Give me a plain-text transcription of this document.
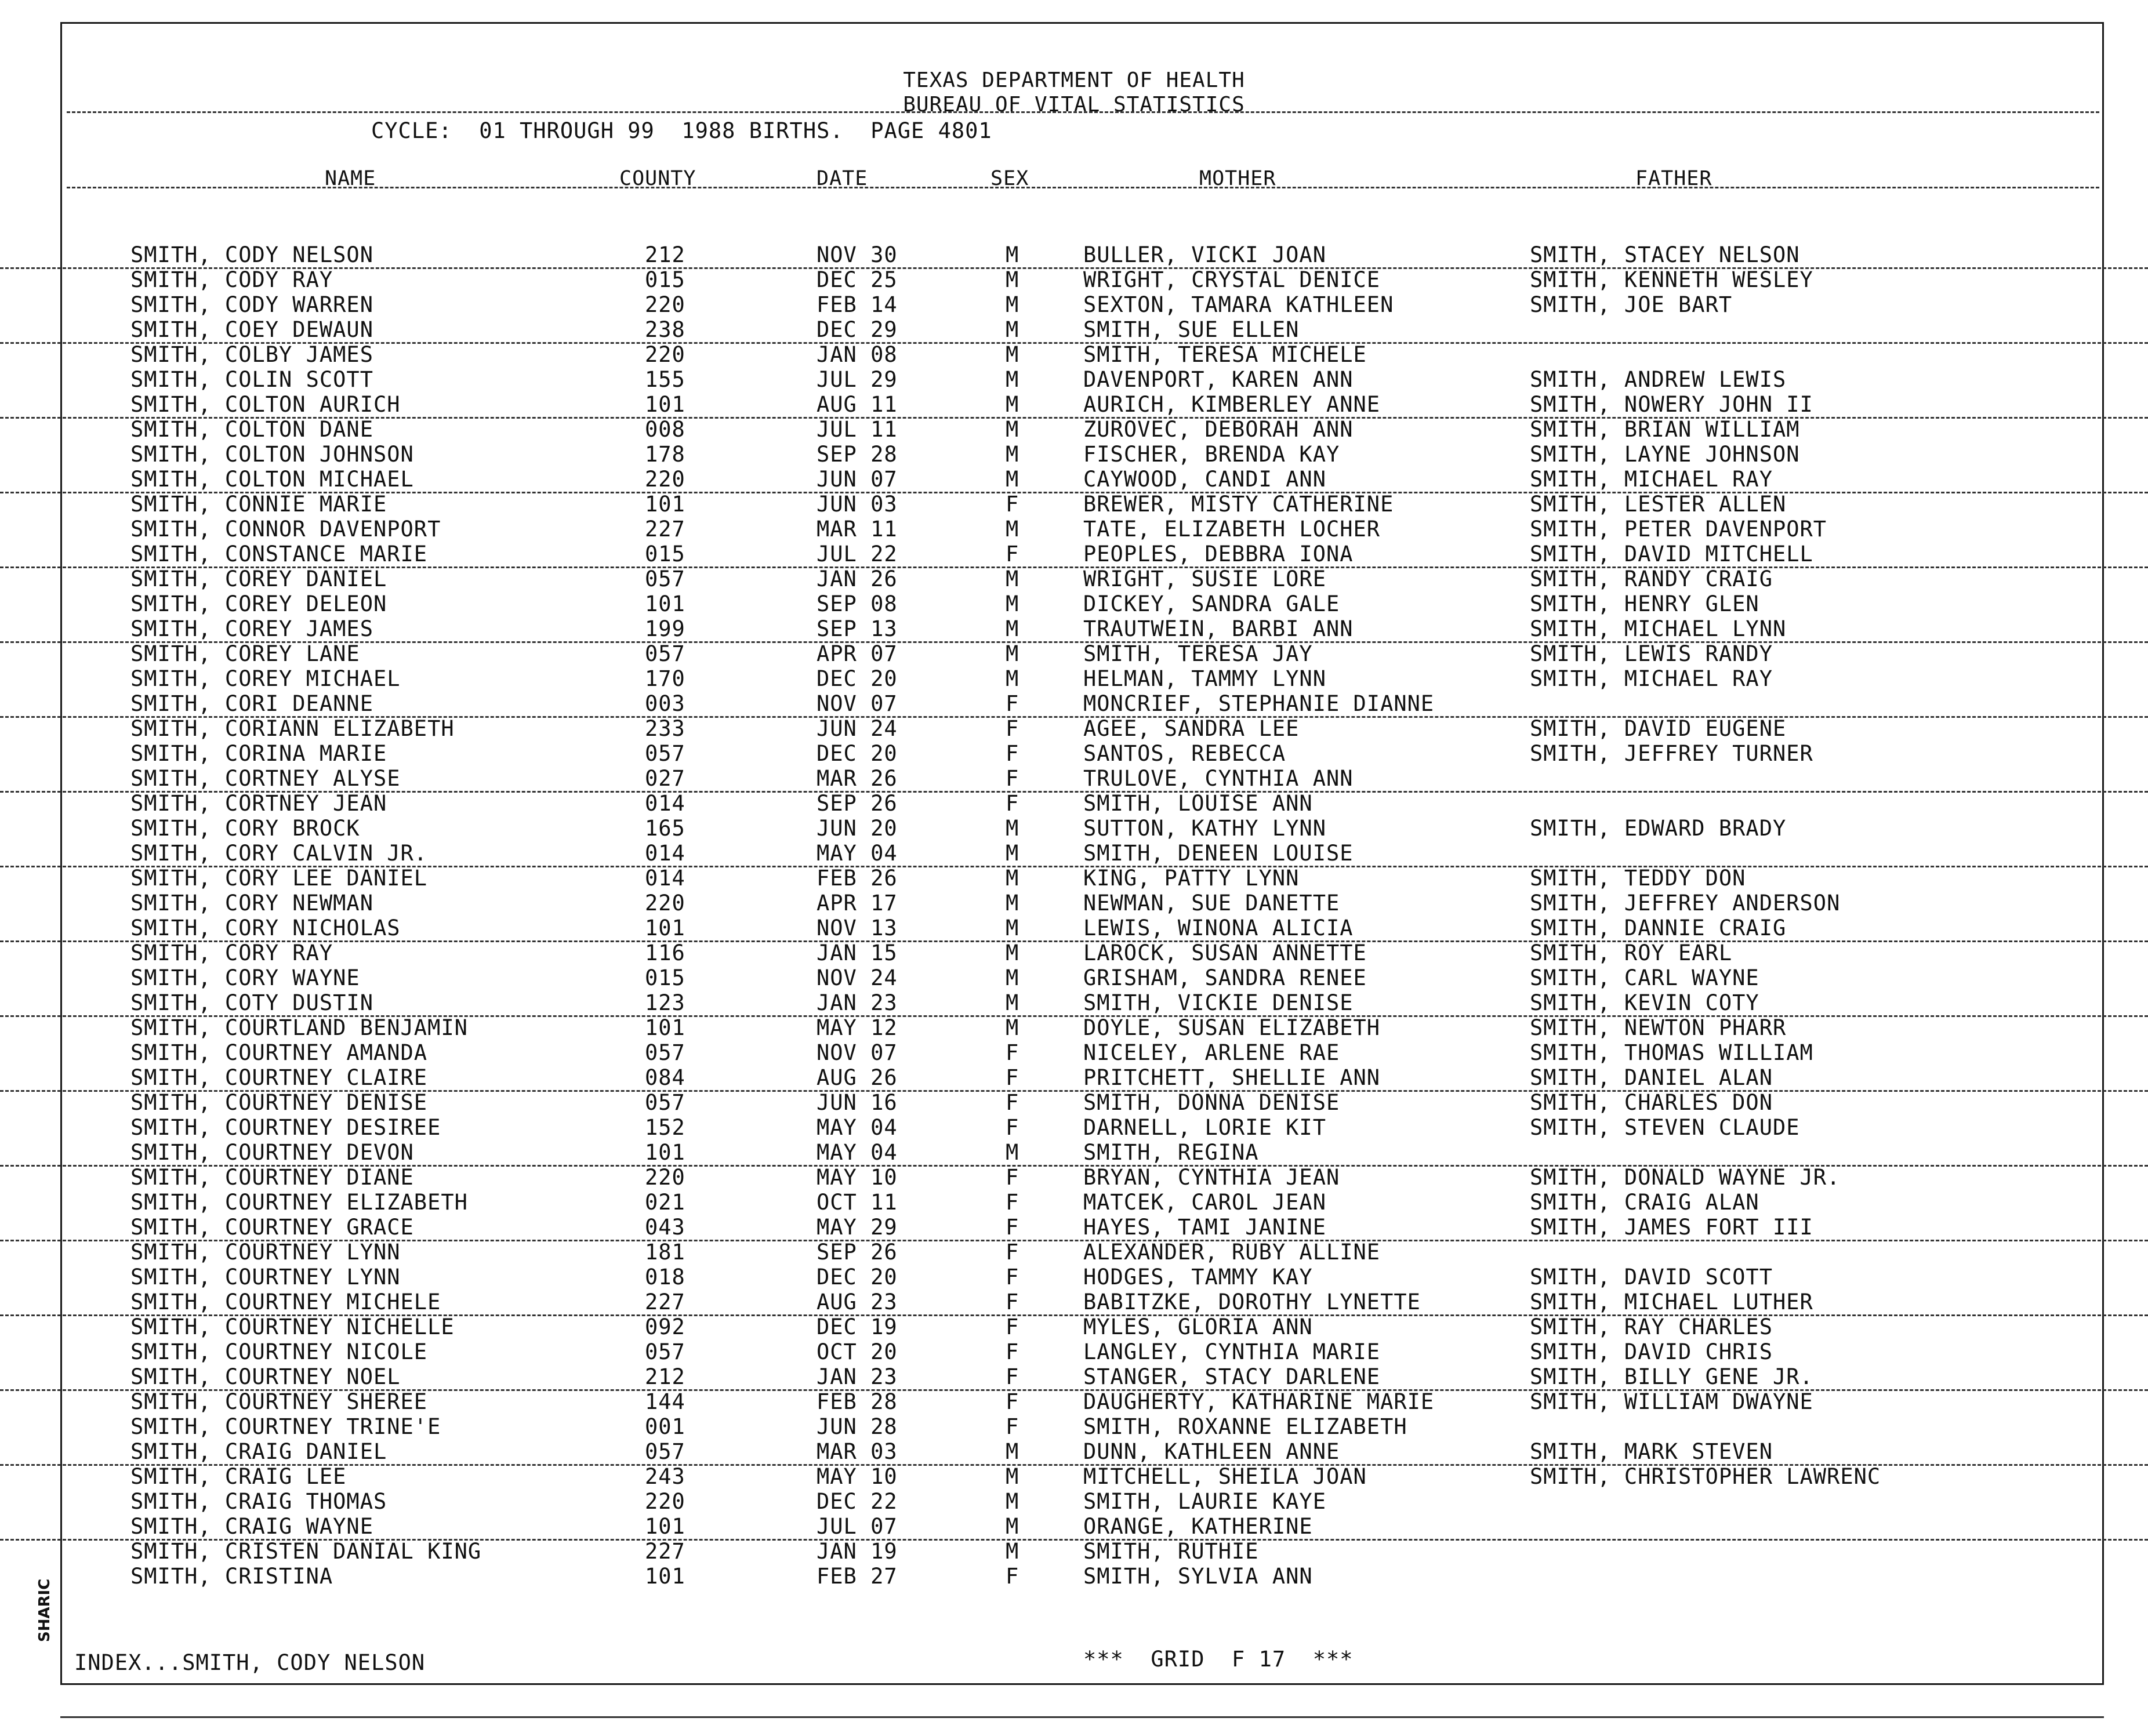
TEXAS DEPARTMENT OF HEALTH
BUREAU OF VITAL STATISTICS
CYCLE:  01 THROUGH 99  1988 BIRTHS.  PAGE 4801
NAME	COUNTY	DATE	SEX	MOTHER	FATHER
SMITH, CODY NELSON	212	NOV 30	M	BULLER, VICKI JOAN	SMITH, STACEY NELSON
SMITH, CODY RAY	015	DEC 25	M	WRIGHT, CRYSTAL DENICE	SMITH, KENNETH WESLEY
SMITH, CODY WARREN	220	FEB 14	M	SEXTON, TAMARA KATHLEEN	SMITH, JOE BART
SMITH, COEY DEWAUN	238	DEC 29	M	SMITH, SUE ELLEN
SMITH, COLBY JAMES	220	JAN 08	M	SMITH, TERESA MICHELE
SMITH, COLIN SCOTT	155	JUL 29	M	DAVENPORT, KAREN ANN	SMITH, ANDREW LEWIS
SMITH, COLTON AURICH	101	AUG 11	M	AURICH, KIMBERLEY ANNE	SMITH, NOWERY JOHN II
SMITH, COLTON DANE	008	JUL 11	M	ZUROVEC, DEBORAH ANN	SMITH, BRIAN WILLIAM
SMITH, COLTON JOHNSON	178	SEP 28	M	FISCHER, BRENDA KAY	SMITH, LAYNE JOHNSON
SMITH, COLTON MICHAEL	220	JUN 07	M	CAYWOOD, CANDI ANN	SMITH, MICHAEL RAY
SMITH, CONNIE MARIE	101	JUN 03	F	BREWER, MISTY CATHERINE	SMITH, LESTER ALLEN
SMITH, CONNOR DAVENPORT	227	MAR 11	M	TATE, ELIZABETH LOCHER	SMITH, PETER DAVENPORT
SMITH, CONSTANCE MARIE	015	JUL 22	F	PEOPLES, DEBBRA IONA	SMITH, DAVID MITCHELL
SMITH, COREY DANIEL	057	JAN 26	M	WRIGHT, SUSIE LORE	SMITH, RANDY CRAIG
SMITH, COREY DELEON	101	SEP 08	M	DICKEY, SANDRA GALE	SMITH, HENRY GLEN
SMITH, COREY JAMES	199	SEP 13	M	TRAUTWEIN, BARBI ANN	SMITH, MICHAEL LYNN
SMITH, COREY LANE	057	APR 07	M	SMITH, TERESA JAY	SMITH, LEWIS RANDY
SMITH, COREY MICHAEL	170	DEC 20	M	HELMAN, TAMMY LYNN	SMITH, MICHAEL RAY
SMITH, CORI DEANNE	003	NOV 07	F	MONCRIEF, STEPHANIE DIANNE
SMITH, CORIANN ELIZABETH	233	JUN 24	F	AGEE, SANDRA LEE	SMITH, DAVID EUGENE
SMITH, CORINA MARIE	057	DEC 20	F	SANTOS, REBECCA	SMITH, JEFFREY TURNER
SMITH, CORTNEY ALYSE	027	MAR 26	F	TRULOVE, CYNTHIA ANN
SMITH, CORTNEY JEAN	014	SEP 26	F	SMITH, LOUISE ANN
SMITH, CORY BROCK	165	JUN 20	M	SUTTON, KATHY LYNN	SMITH, EDWARD BRADY
SMITH, CORY CALVIN JR.	014	MAY 04	M	SMITH, DENEEN LOUISE
SMITH, CORY LEE DANIEL	014	FEB 26	M	KING, PATTY LYNN	SMITH, TEDDY DON
SMITH, CORY NEWMAN	220	APR 17	M	NEWMAN, SUE DANETTE	SMITH, JEFFREY ANDERSON
SMITH, CORY NICHOLAS	101	NOV 13	M	LEWIS, WINONA ALICIA	SMITH, DANNIE CRAIG
SMITH, CORY RAY	116	JAN 15	M	LAROCK, SUSAN ANNETTE	SMITH, ROY EARL
SMITH, CORY WAYNE	015	NOV 24	M	GRISHAM, SANDRA RENEE	SMITH, CARL WAYNE
SMITH, COTY DUSTIN	123	JAN 23	M	SMITH, VICKIE DENISE	SMITH, KEVIN COTY
SMITH, COURTLAND BENJAMIN	101	MAY 12	M	DOYLE, SUSAN ELIZABETH	SMITH, NEWTON PHARR
SMITH, COURTNEY AMANDA	057	NOV 07	F	NICELEY, ARLENE RAE	SMITH, THOMAS WILLIAM
SMITH, COURTNEY CLAIRE	084	AUG 26	F	PRITCHETT, SHELLIE ANN	SMITH, DANIEL ALAN
SMITH, COURTNEY DENISE	057	JUN 16	F	SMITH, DONNA DENISE	SMITH, CHARLES DON
SMITH, COURTNEY DESIREE	152	MAY 04	F	DARNELL, LORIE KIT	SMITH, STEVEN CLAUDE
SMITH, COURTNEY DEVON	101	MAY 04	M	SMITH, REGINA
SMITH, COURTNEY DIANE	220	MAY 10	F	BRYAN, CYNTHIA JEAN	SMITH, DONALD WAYNE JR.
SMITH, COURTNEY ELIZABETH	021	OCT 11	F	MATCEK, CAROL JEAN	SMITH, CRAIG ALAN
SMITH, COURTNEY GRACE	043	MAY 29	F	HAYES, TAMI JANINE	SMITH, JAMES FORT III
SMITH, COURTNEY LYNN	181	SEP 26	F	ALEXANDER, RUBY ALLINE
SMITH, COURTNEY LYNN	018	DEC 20	F	HODGES, TAMMY KAY	SMITH, DAVID SCOTT
SMITH, COURTNEY MICHELE	227	AUG 23	F	BABITZKE, DOROTHY LYNETTE	SMITH, MICHAEL LUTHER
SMITH, COURTNEY NICHELLE	092	DEC 19	F	MYLES, GLORIA ANN	SMITH, RAY CHARLES
SMITH, COURTNEY NICOLE	057	OCT 20	F	LANGLEY, CYNTHIA MARIE	SMITH, DAVID CHRIS
SMITH, COURTNEY NOEL	212	JAN 23	F	STANGER, STACY DARLENE	SMITH, BILLY GENE JR.
SMITH, COURTNEY SHEREE	144	FEB 28	F	DAUGHERTY, KATHARINE MARIE	SMITH, WILLIAM DWAYNE
SMITH, COURTNEY TRINE'E	001	JUN 28	F	SMITH, ROXANNE ELIZABETH
SMITH, CRAIG DANIEL	057	MAR 03	M	DUNN, KATHLEEN ANNE	SMITH, MARK STEVEN
SMITH, CRAIG LEE	243	MAY 10	M	MITCHELL, SHEILA JOAN	SMITH, CHRISTOPHER LAWRENC
SMITH, CRAIG THOMAS	220	DEC 22	M	SMITH, LAURIE KAYE
SMITH, CRAIG WAYNE	101	JUL 07	M	ORANGE, KATHERINE
SMITH, CRISTEN DANIAL KING	227	JAN 19	M	SMITH, RUTHIE
SMITH, CRISTINA	101	FEB 27	F	SMITH, SYLVIA ANN
INDEX...SMITH, CODY NELSON	***  GRID  F 17  ***
SHARIC
